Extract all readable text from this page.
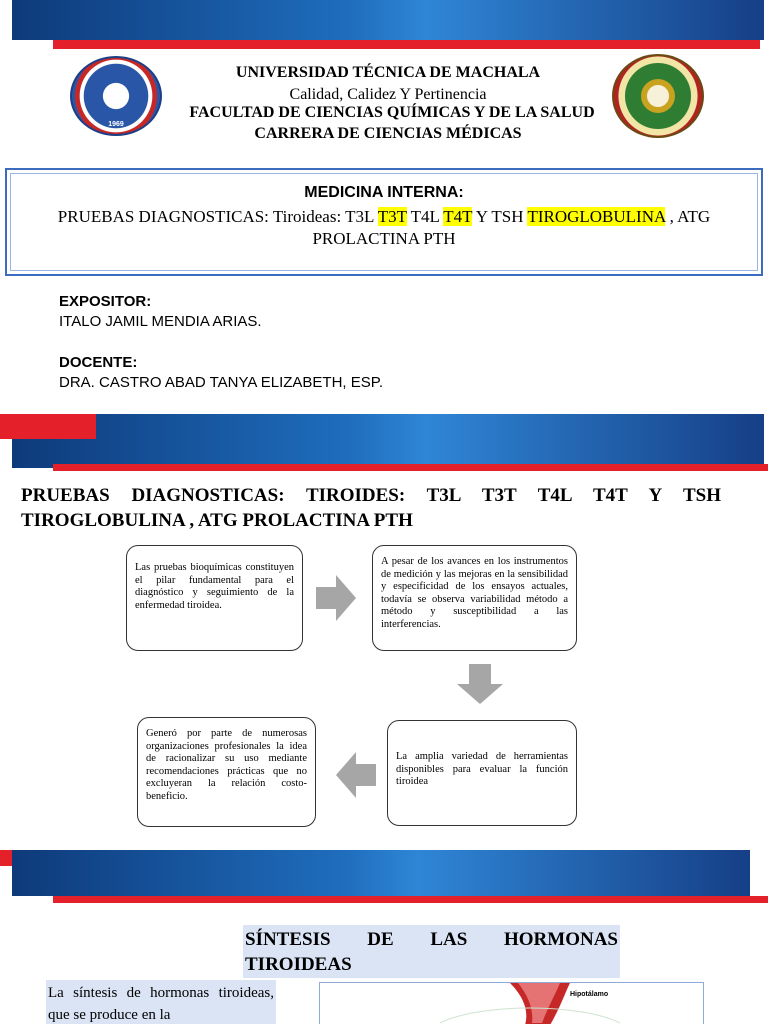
1969
UNIVERSIDAD TÉCNICA DE MACHALA
Calidad, Calidez Y Pertinencia
FACULTAD DE CIENCIAS QUÍMICAS Y DE LA SALUD
CARRERA DE CIENCIAS MÉDICAS
MEDICINA INTERNA:
PRUEBAS DIAGNOSTICAS: Tiroideas: T3L T3T T4L T4T Y TSH TIROGLOBULINA , ATG
PROLACTINA PTH
EXPOSITOR:
ITALO JAMIL MENDIA ARIAS.
DOCENTE:
DRA. CASTRO ABAD TANYA ELIZABETH, ESP.
PRUEBAS DIAGNOSTICAS: TIROIDES: T3L T3T T4L T4T Y TSH
TIROGLOBULINA , ATG PROLACTINA PTH
Las pruebas bioquímicas constituyen el pilar fundamental para el diagnóstico y seguimiento de la enfermedad tiroidea.
A pesar de los avances en los instrumentos de medición y las mejoras en la sensibilidad y especificidad de los ensayos actuales, todavía se observa variabilidad método a método y susceptibilidad a las interferencias.
La amplia variedad de herramientas disponibles para evaluar la función tiroidea
Generó por parte de numerosas organizaciones profesionales la idea de racionalizar su uso mediante recomendaciones prácticas que no excluyeran la relación costo-beneficio.
SÍNTESIS DE LAS HORMONAS TIROIDEAS
La síntesis de hormonas tiroideas, que se produce en la
Hipotálamo
